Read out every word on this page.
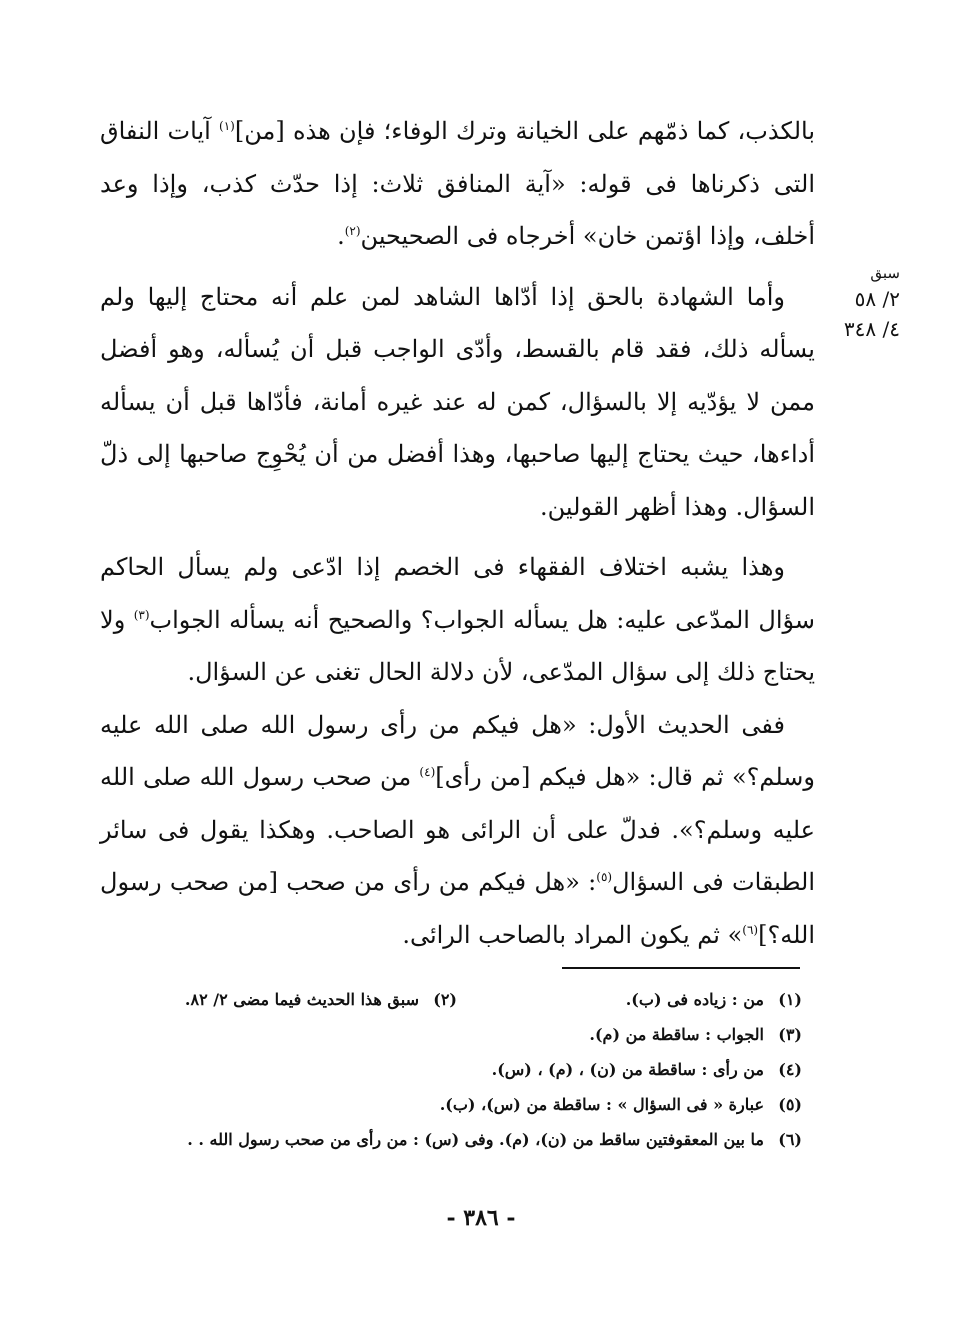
بالكذب، كما ذمّهم على الخيانة وترك الوفاء؛ فإن هذه [من]$^{(١)}$ آيات النفاق التى ذكرناها فى قوله: «آية المنافق ثلاث: إذا حدّث كذب، وإذا وعد أخلف، وإذا اؤتمن خان» أخرجاه فى الصحيحين$^{(٢)}$.

وأما الشهادة بالحق إذا أدّاها الشاهد لمن علم أنه محتاج إليها ولم يسأله ذلك، فقد قام بالقسط، وأدّى الواجب قبل أن يُسأله، وهو أفضل ممن لا يؤدّيه إلا بالسؤال، كمن له عند غيره أمانة، فأدّاها قبل أن يسأله أداءها، حيث يحتاج إليها صاحبها، وهذا أفضل من أن يُحْوِج صاحبها إلى ذلّ السؤال. وهذا أظهر القولين.

وهذا يشبه اختلاف الفقهاء فى الخصم إذا ادّعى ولم يسأل الحاكم سؤال المدّعى عليه: هل يسأله الجواب؟ والصحيح أنه يسأله الجواب$^{(٣)}$ ولا يحتاج ذلك إلى سؤال المدّعى، لأن دلالة الحال تغنى عن السؤال.

ففى الحديث الأول: «هل فيكم من رأى رسول الله صلى الله عليه وسلم؟» ثم قال: «هل فيكم [من رأى]$^{(٤)}$ من صحب رسول الله صلى الله عليه وسلم؟». فدلّ على أن الرائى هو الصاحب. وهكذا يقول فى سائر الطبقات فى السؤال$^{(٥)}$: «هل فيكم من رأى من صحب [من صحب رسول الله؟]$^{(٦)}$» ثم يكون المراد بالصاحب الرائى.

سبق
٢/ ٥٨
٤/ ٣٤٨
(١)
من : زياده فى (ب).
(٢)
سبق هذا الحديث فيما مضى ٢/ ٨٢.
(٣)
الجواب : ساقطة من (م).
(٤)
من رأى : ساقطة من (ن) ، (م) ، (س).
(٥)
عبارة « فى السؤال » : ساقطة من (س)، (ب).
(٦)
ما بين المعقوفتين ساقط من (ن)، (م). وفى (س) : من رأى من صحب رسول الله . .
- ٣٨٦ -
